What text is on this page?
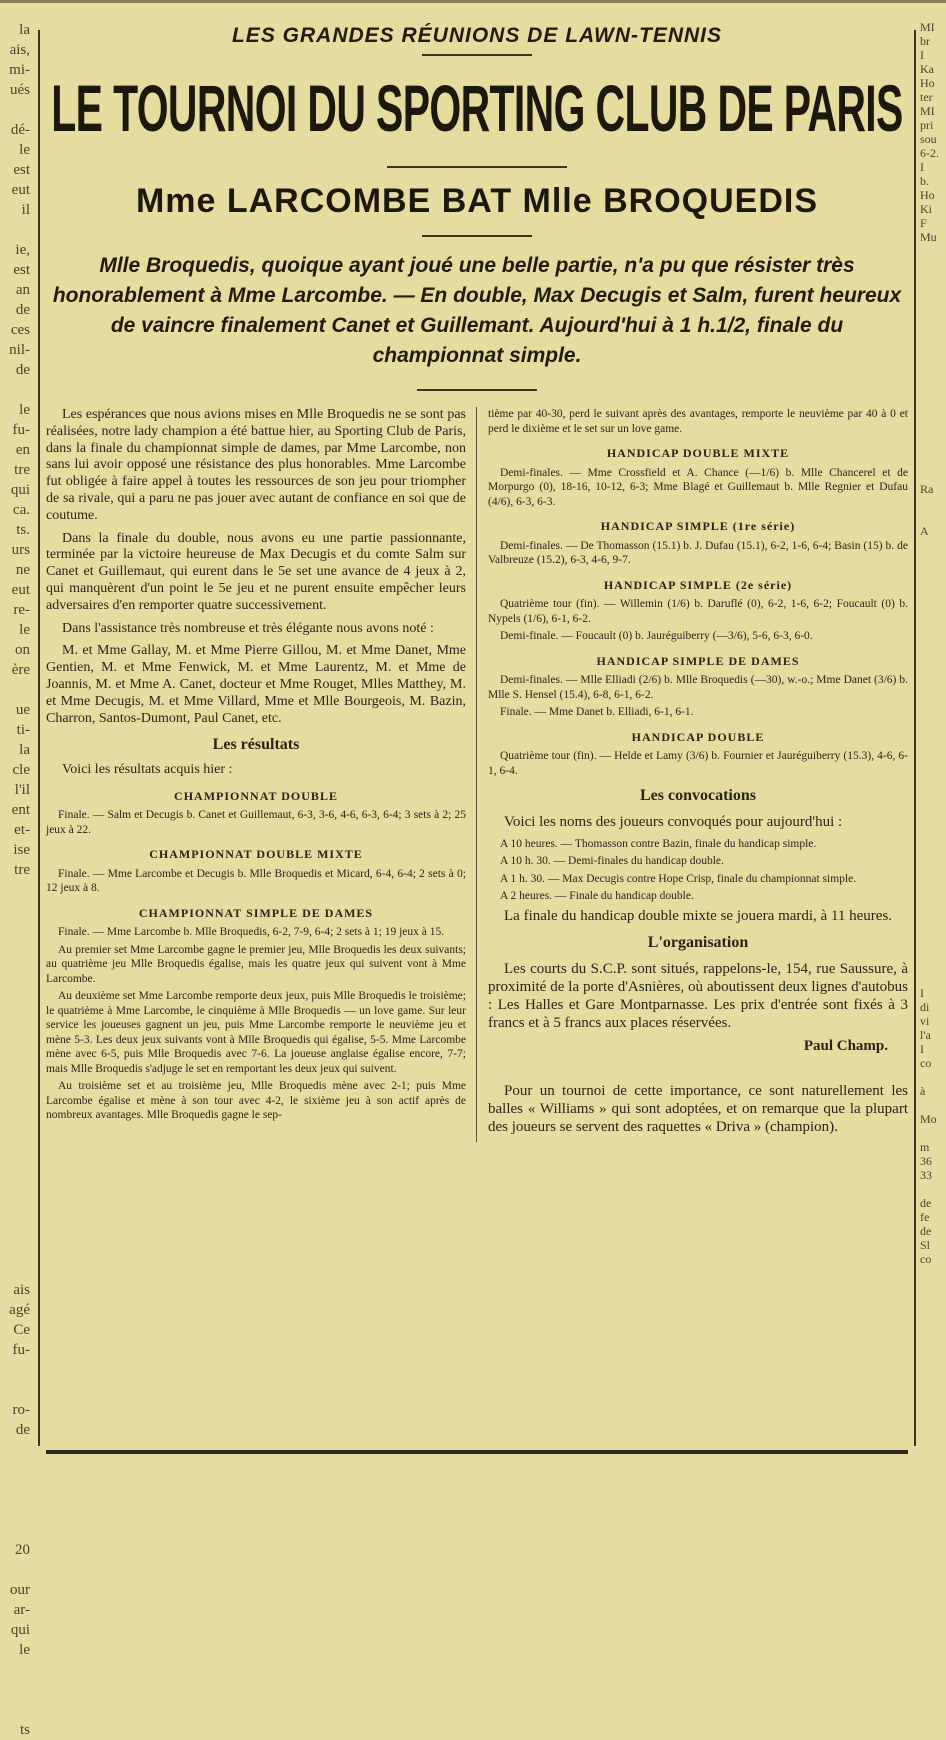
la
ais,
mi-
ués

dé-
le
est
eut
il

ie,
est
an
de
ces
nil-
de

le
fu-
en
tre
qui
ca.
ts.
urs
ne
eut
re-
le
on
ère

ue
ti-
la
cle
l'il
ent
et-
ise
tre

ais
agé
Ce
fu-

ro-
de

20

our
ar-
qui
le

ts
MI
br
I
Ka
Ho
ter
MI
pri
sou
6-2.
I
b.
Ho
Ki
F
Mu

Ra

A

I
di
vi
l'a
I
co

à

Mo

m
36
33

de
fe
de
Sl
co
LES GRANDES RÉUNIONS DE LAWN-TENNIS
LE TOURNOI DU SPORTING CLUB DE PARIS
Mme LARCOMBE BAT Mlle BROQUEDIS
Mlle Broquedis, quoique ayant joué une belle partie, n'a pu que résister très honorablement à Mme Larcombe. — En double, Max Decugis et Salm, furent heureux de vaincre finalement Canet et Guillemant. Aujourd'hui à 1 h.1/2, finale du championnat simple.

Les espérances que nous avions mises en Mlle Broquedis ne se sont pas réalisées, notre lady champion a été battue hier, au Sporting Club de Paris, dans la finale du championnat simple de dames, par Mme Larcombe, non sans lui avoir opposé une résistance des plus honorables. Mme Larcombe fut obligée à faire appel à toutes les ressources de son jeu pour triompher de sa rivale, qui a paru ne pas jouer avec autant de confiance en soi que de coutume.

Dans la finale du double, nous avons eu une partie passionnante, terminée par la victoire heureuse de Max Decugis et du comte Salm sur Canet et Guillemaut, qui eurent dans le 5e set une avance de 4 jeux à 2, qui manquèrent d'un point le 5e jeu et ne purent ensuite empêcher leurs adversaires d'en remporter quatre successivement.

Dans l'assistance très nombreuse et très élégante nous avons noté :

M. et Mme Gallay, M. et Mme Pierre Gillou, M. et Mme Danet, Mme Gentien, M. et Mme Fenwick, M. et Mme Laurentz, M. et Mme de Joannis, M. et Mme A. Canet, docteur et Mme Rouget, Mlles Matthey, M. et Mme Decugis, M. et Mme Villard, Mme et Mlle Bourgeois, M. Bazin, Charron, Santos-Dumont, Paul Canet, etc.

Les résultats

Voici les résultats acquis hier :

CHAMPIONNAT DOUBLE

Finale. — Salm et Decugis b. Canet et Guillemaut, 6-3, 3-6, 4-6, 6-3, 6-4; 3 sets à 2; 25 jeux à 22.

CHAMPIONNAT DOUBLE MIXTE

Finale. — Mme Larcombe et Decugis b. Mlle Broquedis et Micard, 6-4, 6-4; 2 sets à 0; 12 jeux à 8.

CHAMPIONNAT SIMPLE DE DAMES

Finale. — Mme Larcombe b. Mlle Broquedis, 6-2, 7-9, 6-4; 2 sets à 1; 19 jeux à 15.

Au premier set Mme Larcombe gagne le premier jeu, Mlle Broquedis les deux suivants; au quatrième jeu Mlle Broquedis égalise, mais les quatre jeux qui suivent vont à Mme Larcombe.

Au deuxième set Mme Larcombe remporte deux jeux, puis Mlle Broquedis le troisième; le quatrième à Mme Larcombe, le cinquième à Mlle Broquedis — un love game. Sur leur service les joueuses gagnent un jeu, puis Mme Larcombe remporte le neuvième jeu et mène 5-3. Les deux jeux suivants vont à Mlle Broquedis qui égalise, 5-5. Mme Larcombe mène avec 6-5, puis Mlle Broquedis avec 7-6. La joueuse anglaise égalise encore, 7-7; mais Mlle Broquedis s'adjuge le set en remportant les deux jeux qui suivent.

Au troisième set et au troisième jeu, Mlle Broquedis mène avec 2-1; puis Mme Larcombe égalise et mène à son tour avec 4-2, le sixième jeu à son actif après de nombreux avantages. Mlle Broquedis gagne le sep-

tième par 40-30, perd le suivant après des avantages, remporte le neuvième par 40 à 0 et perd le dixième et le set sur un love game.

HANDICAP DOUBLE MIXTE

Demi-finales. — Mme Crossfield et A. Chance (—1/6) b. Mlle Chancerel et de Morpurgo (0), 18-16, 10-12, 6-3; Mme Blagé et Guillemaut b. Mlle Regnier et Dufau (4/6), 6-3, 6-3.

HANDICAP SIMPLE (1re série)

Demi-finales. — De Thomasson (15.1) b. J. Dufau (15.1), 6-2, 1-6, 6-4; Basin (15) b. de Valbreuze (15.2), 6-3, 4-6, 9-7.

HANDICAP SIMPLE (2e série)

Quatrième tour (fin). — Willemin (1/6) b. Daruflé (0), 6-2, 1-6, 6-2; Foucault (0) b. Nypels (1/6), 6-1, 6-2.

Demi-finale. — Foucault (0) b. Jauréguiberry (—3/6), 5-6, 6-3, 6-0.

HANDICAP SIMPLE DE DAMES

Demi-finales. — Mlle Elliadi (2/6) b. Mlle Broquedis (—30), w.-o.; Mme Danet (3/6) b. Mlle S. Hensel (15.4), 6-8, 6-1, 6-2.

Finale. — Mme Danet b. Elliadi, 6-1, 6-1.

HANDICAP DOUBLE

Quatrième tour (fin). — Helde et Lamy (3/6) b. Fournier et Jauréguiberry (15.3), 4-6, 6-1, 6-4.

Les convocations

Voici les noms des joueurs convoqués pour aujourd'hui :

A 10 heures. — Thomasson contre Bazin, finale du handicap simple.

A 10 h. 30. — Demi-finales du handicap double.

A 1 h. 30. — Max Decugis contre Hope Crisp, finale du championnat simple.

A 2 heures. — Finale du handicap double.

La finale du handicap double mixte se jouera mardi, à 11 heures.

L'organisation

Les courts du S.C.P. sont situés, rappelons-le, 154, rue Saussure, à proximité de la porte d'Asnières, où aboutissent deux lignes d'autobus : Les Halles et Gare Montparnasse. Les prix d'entrée sont fixés à 3 francs et à 5 francs aux places réservées.

Paul Champ.

Pour un tournoi de cette importance, ce sont naturellement les balles « Williams » qui sont adoptées, et on remarque que la plupart des joueurs se servent des raquettes « Driva » (champion).
